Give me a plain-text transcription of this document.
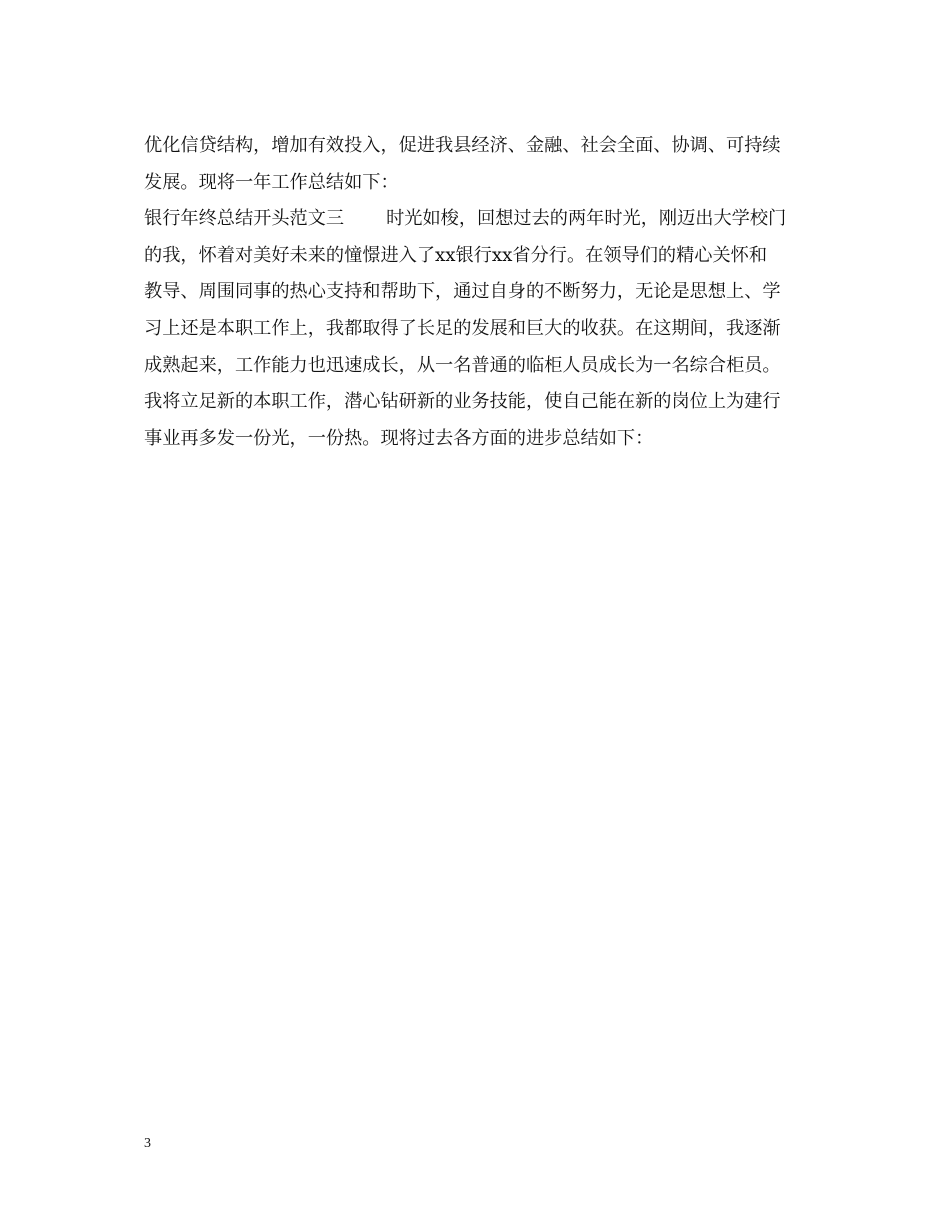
优化信贷结构，增加有效投入，促进我县经济、金融、社会全面、协调、可持续
发展。现将一年工作总结如下：
银行年终总结开头范文三 时光如梭，回想过去的两年时光，刚迈出大学校门
的我，怀着对美好未来的憧憬进入了xx银行xx省分行。在领导们的精心关怀和
教导、周围同事的热心支持和帮助下，通过自身的不断努力，无论是思想上、学
习上还是本职工作上，我都取得了长足的发展和巨大的收获。在这期间，我逐渐
成熟起来，工作能力也迅速成长，从一名普通的临柜人员成长为一名综合柜员。
我将立足新的本职工作，潜心钻研新的业务技能，使自己能在新的岗位上为建行
事业再多发一份光，一份热。现将过去各方面的进步总结如下：
3
